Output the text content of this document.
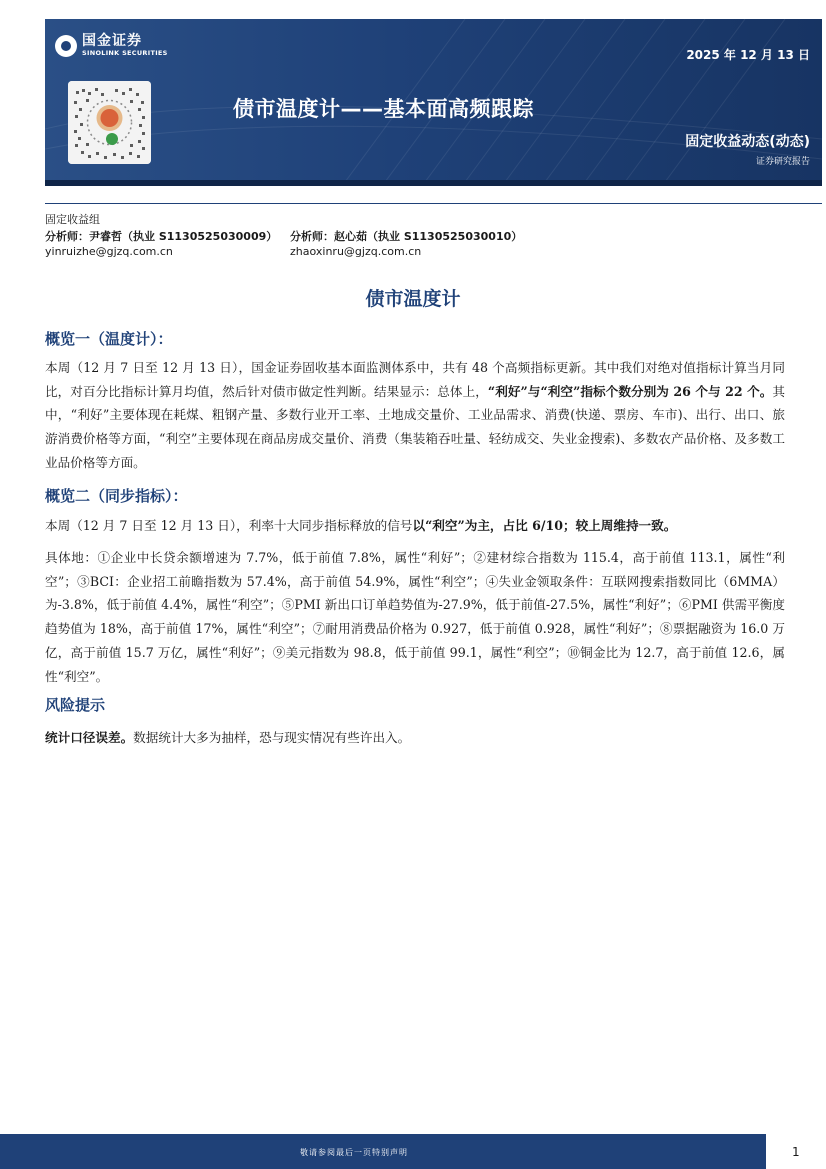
国金证券
SINOLINK SECURITIES	2025 年 12 月 13 日
债市温度计——基本面高频跟踪
固定收益动态(动态)
证券研究报告
固定收益组
分析师：尹睿哲（执业 S1130525030009） 分析师：赵心茹（执业 S1130525030010）
yinruizhe@gjzq.com.cn	zhaoxinru@gjzq.com.cn
债市温度计
概览一（温度计）：
本周（12 月 7 日至 12 月 13 日），国金证券固收基本面监测体系中，共有 48 个高频指标更新。其中我们对绝对值指标计算当月同比，对百分比指标计算月均值，然后针对债市做定性判断。结果显示：总体上，“利好”与“利空”指标个数分别为 26 个与 22 个。其中，“利好”主要体现在耗煤、粗钢产量、多数行业开工率、土地成交量价、工业品需求、消费(快递、票房、车市)、出行、出口、旅游消费价格等方面，“利空”主要体现在商品房成交量价、消费（集装箱吞吐量、轻纺成交、失业金搜索)、多数农产品价格、及多数工业品价格等方面。
概览二（同步指标）：
本周（12 月 7 日至 12 月 13 日），利率十大同步指标释放的信号以“利空”为主，占比 6/10；较上周维持一致。
具体地：①企业中长贷余额增速为 7.7%，低于前值 7.8%，属性“利好”；②建材综合指数为 115.4，高于前值 113.1，属性“利空”；③BCI：企业招工前瞻指数为 57.4%，高于前值 54.9%，属性“利空”；④失业金领取条件：互联网搜索指数同比（6MMA）为-3.8%，低于前值 4.4%，属性“利空”；⑤PMI 新出口订单趋势值为-27.9%，低于前值-27.5%，属性“利好”；⑥PMI 供需平衡度趋势值为 18%，高于前值 17%，属性“利空”；⑦耐用消费品价格为 0.927，低于前值 0.928，属性“利好”；⑧票据融资为 16.0 万亿，高于前值 15.7 万亿，属性“利好”；⑨美元指数为 98.8，低于前值 99.1，属性“利空”；⑩铜金比为 12.7，高于前值 12.6，属性“利空”。
风险提示
统计口径误差。数据统计大多为抽样，恐与现实情况有些许出入。
敬请参阅最后一页特别声明	1
